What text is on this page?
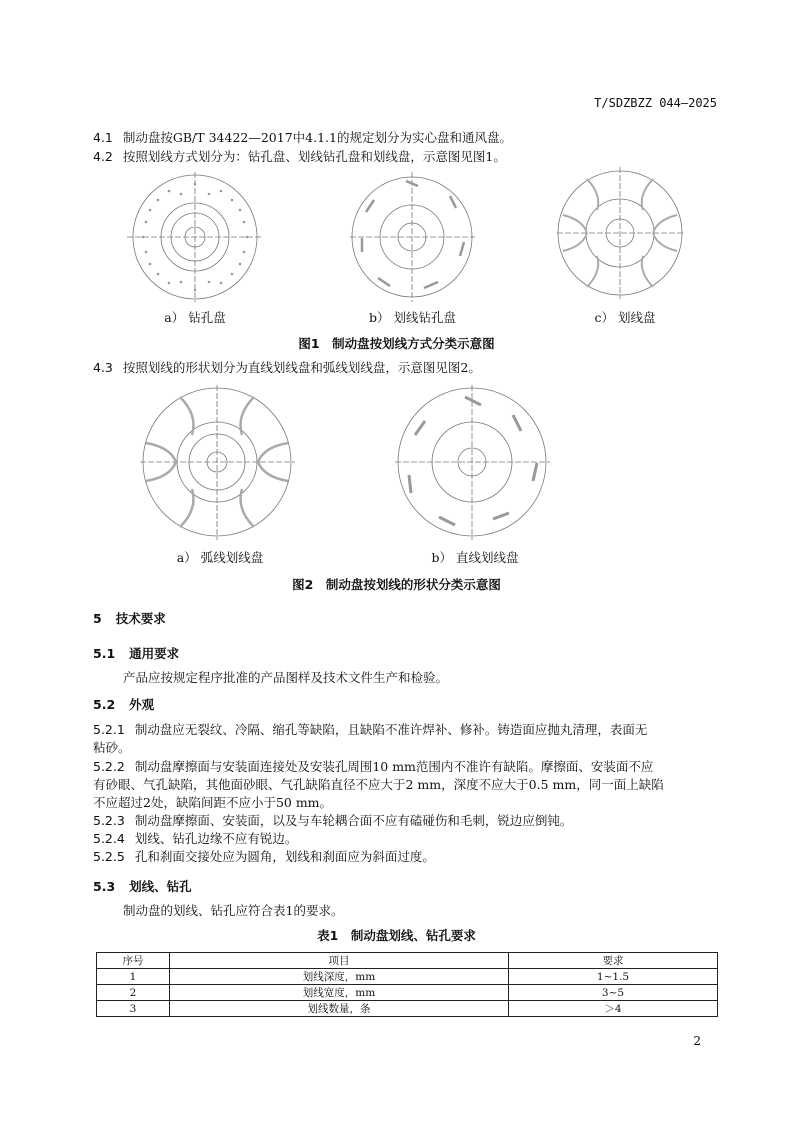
T/SDZBZZ 044—2025
4.1 制动盘按GB/T 34422—2017中4.1.1的规定划分为实心盘和通风盘。
4.2 按照划线方式划分为：钻孔盘、划线钻孔盘和划线盘，示意图见图1。
a） 钻孔盘	b） 划线钻孔盘	c） 划线盘
图1　制动盘按划线方式分类示意图
4.3 按照划线的形状划分为直线划线盘和弧线划线盘，示意图见图2。
a） 弧线划线盘	b） 直线划线盘
图2　制动盘按划线的形状分类示意图
5 技术要求
5.1 通用要求
产品应按规定程序批准的产品图样及技术文件生产和检验。
5.2 外观
5.2.1 制动盘应无裂纹、冷隔、缩孔等缺陷，且缺陷不准许焊补、修补。铸造面应抛丸清理，表面无
粘砂。
5.2.2 制动盘摩擦面与安装面连接处及安装孔周围10 mm范围内不准许有缺陷。摩擦面、安装面不应
有砂眼、气孔缺陷，其他面砂眼、气孔缺陷直径不应大于2 mm，深度不应大于0.5 mm，同一面上缺陷
不应超过2处，缺陷间距不应小于50 mm。
5.2.3 制动盘摩擦面、安装面，以及与车轮耦合面不应有磕碰伤和毛刺，锐边应倒钝。
5.2.4 划线、钻孔边缘不应有锐边。
5.2.5 孔和刹面交接处应为圆角，划线和刹面应为斜面过度。
5.3 划线、钻孔
制动盘的划线、钻孔应符合表1的要求。
表1　制动盘划线、钻孔要求
序号	项目	要求
1	划线深度，mm	1~1.5
2	划线宽度，mm	3~5
3	划线数量，条	＞4
2
